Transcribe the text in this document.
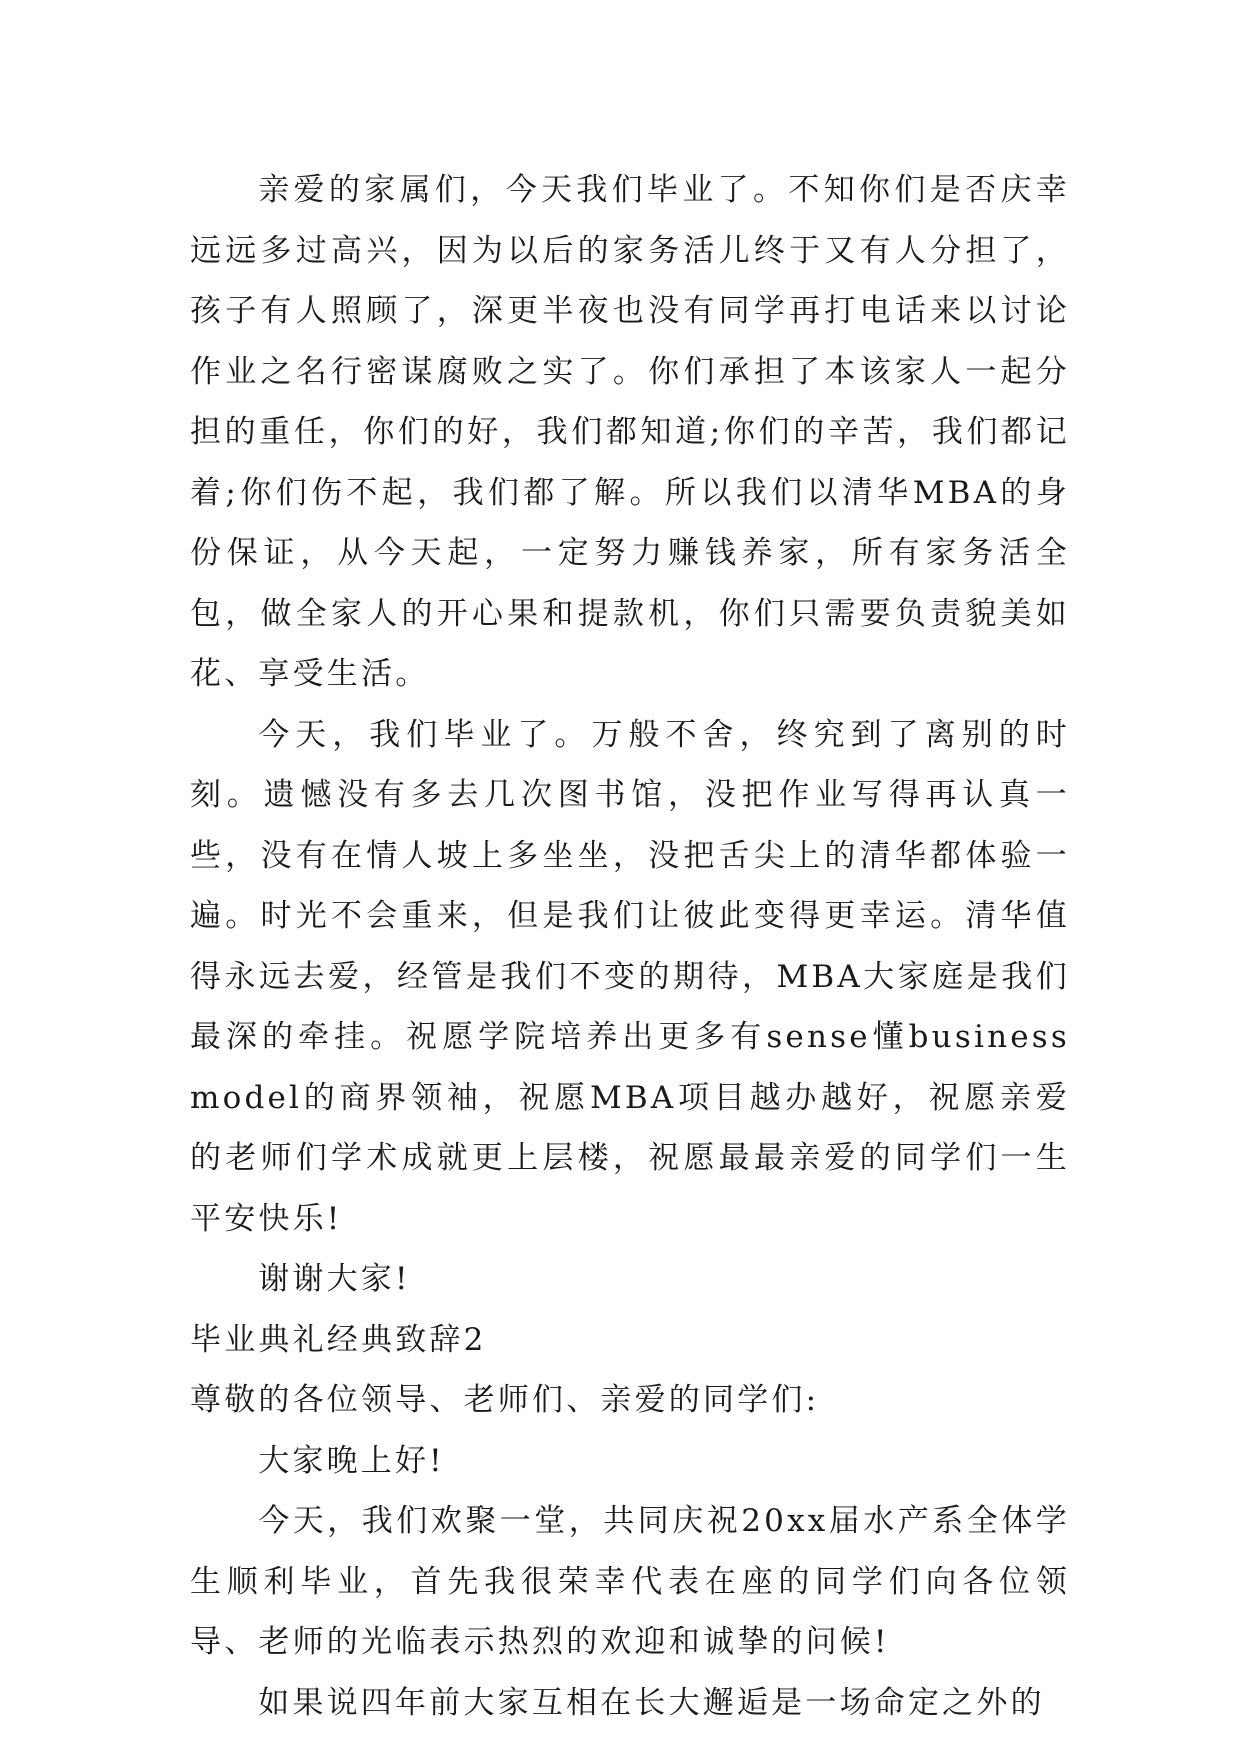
亲爱的家属们，今天我们毕业了。不知你们是否庆幸远远多过高兴，因为以后的家务活儿终于又有人分担了，孩子有人照顾了，深更半夜也没有同学再打电话来以讨论作业之名行密谋腐败之实了。你们承担了本该家人一起分担的重任，你们的好，我们都知道;你们的辛苦，我们都记着;你们伤不起，我们都了解。所以我们以清华MBA的身份保证，从今天起，一定努力赚钱养家，所有家务活全包，做全家人的开心果和提款机，你们只需要负责貌美如花、享受生活。

今天，我们毕业了。万般不舍，终究到了离别的时刻。遗憾没有多去几次图书馆，没把作业写得再认真一些，没有在情人坡上多坐坐，没把舌尖上的清华都体验一遍。时光不会重来，但是我们让彼此变得更幸运。清华值得永远去爱，经管是我们不变的期待，MBA大家庭是我们最深的牵挂。祝愿学院培养出更多有sense懂business model的商界领袖，祝愿MBA项目越办越好，祝愿亲爱的老师们学术成就更上层楼，祝愿最最亲爱的同学们一生平安快乐!

谢谢大家!

毕业典礼经典致辞2

尊敬的各位领导、老师们、亲爱的同学们:

大家晚上好!

今天，我们欢聚一堂，共同庆祝20xx届水产系全体学生顺利毕业，首先我很荣幸代表在座的同学们向各位领导、老师的光临表示热烈的欢迎和诚挚的问候!

如果说四年前大家互相在长大邂逅是一场命定之外的
